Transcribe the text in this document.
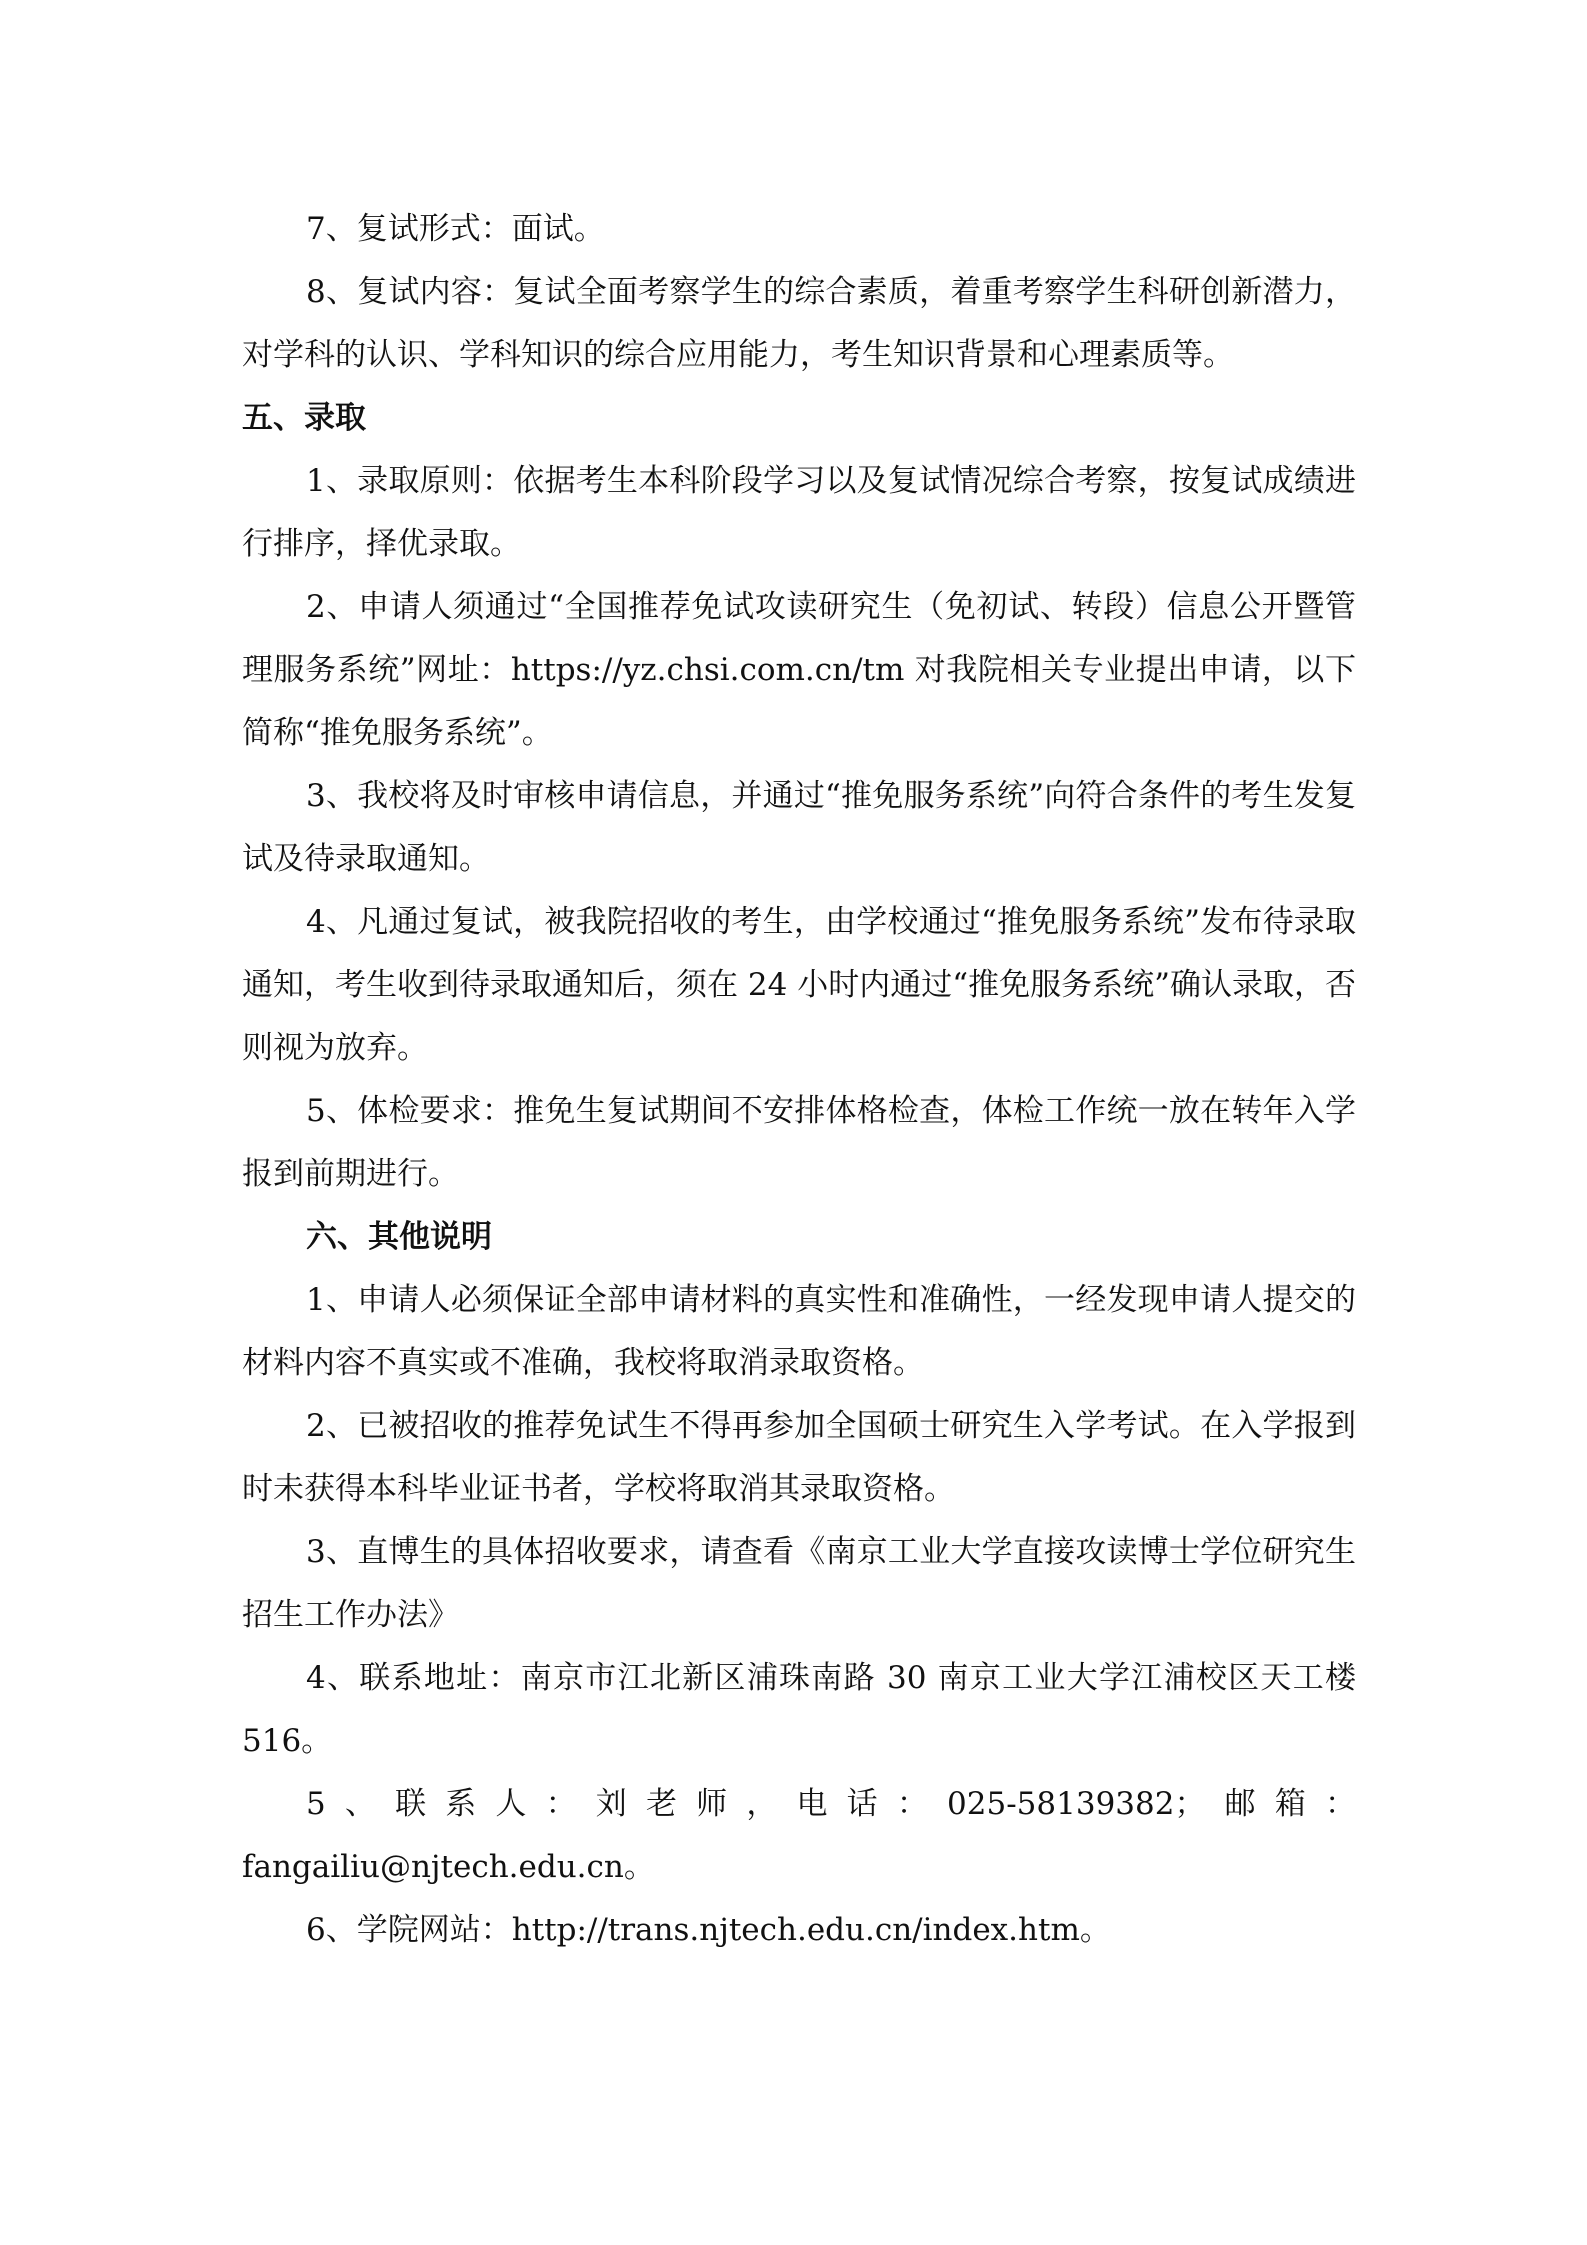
7、复试形式：面试。

8、复试内容：复试全面考察学生的综合素质，着重考察学生科研创新潜力，对学科的认识、学科知识的综合应用能力，考生知识背景和心理素质等。

五、录取

1、录取原则：依据考生本科阶段学习以及复试情况综合考察，按复试成绩进行排序，择优录取。

2、申请人须通过“全国推荐免试攻读研究生（免初试、转段）信息公开暨管理服务系统”网址：https://yz.chsi.com.cn/tm 对我院相关专业提出申请，以下简称“推免服务系统”。

3、我校将及时审核申请信息，并通过“推免服务系统”向符合条件的考生发复试及待录取通知。

4、凡通过复试，被我院招收的考生，由学校通过“推免服务系统”发布待录取通知，考生收到待录取通知后，须在 24 小时内通过“推免服务系统”确认录取，否则视为放弃。

5、体检要求：推免生复试期间不安排体格检查，体检工作统一放在转年入学报到前期进行。

六、其他说明

1、申请人必须保证全部申请材料的真实性和准确性，一经发现申请人提交的材料内容不真实或不准确，我校将取消录取资格。

2、已被招收的推荐免试生不得再参加全国硕士研究生入学考试。在入学报到时未获得本科毕业证书者，学校将取消其录取资格。

3、直博生的具体招收要求，请查看《南京工业大学直接攻读博士学位研究生招生工作办法》

4、联系地址：南京市江北新区浦珠南路 30 南京工业大学江浦校区天工楼516。

5、联系人：刘老师，电话：025-58139382；邮箱：fangailiu@njtech.edu.cn。

6、学院网站：http://trans.njtech.edu.cn/index.htm。
